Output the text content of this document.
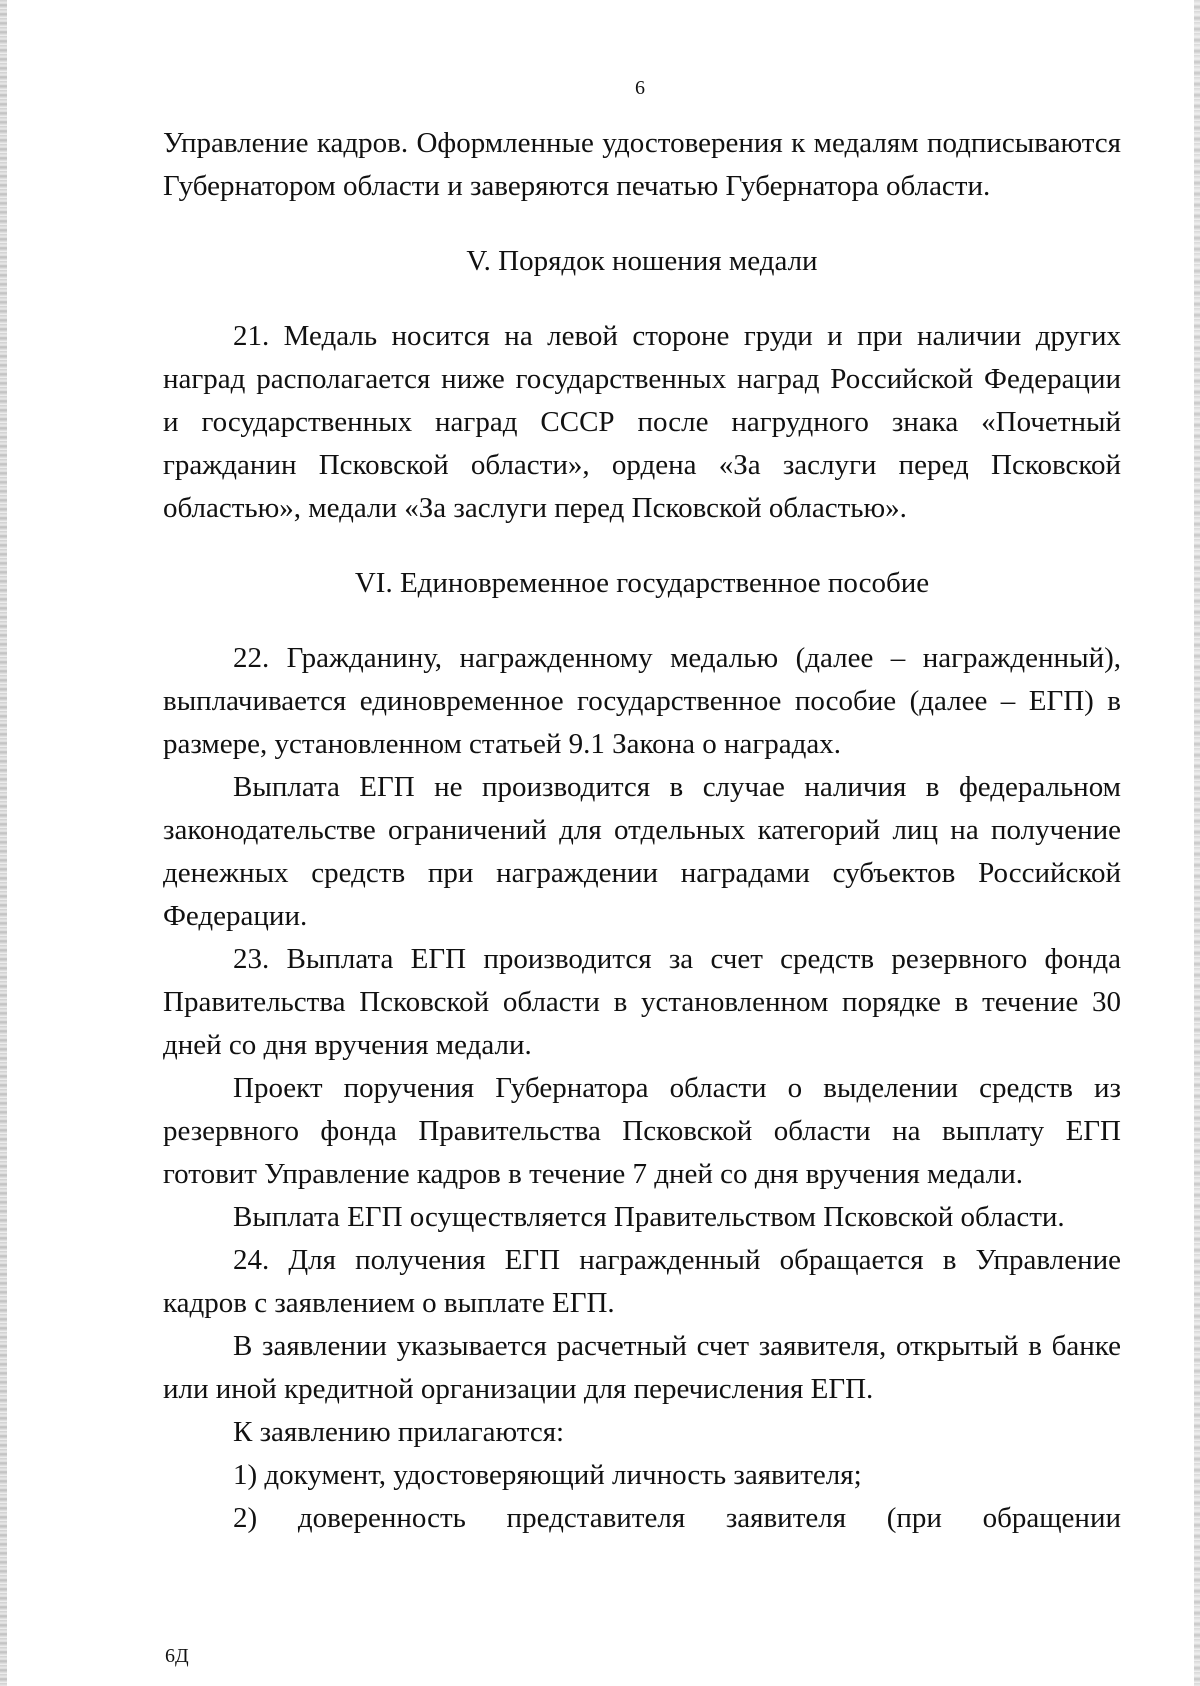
6

Управление кадров. Оформленные удостоверения к медалям подписываются Губернатором области и заверяются печатью Губернатора области.

V. Порядок ношения медали

21. Медаль носится на левой стороне груди и при наличии других наград располагается ниже государственных наград Российской Федерации и государственных наград СССР после нагрудного знака «Почетный гражданин Псковской области», ордена «За заслуги перед Псковской областью», медали «За заслуги перед Псковской областью».

VI. Единовременное государственное пособие

22. Гражданину, награжденному медалью (далее – награжденный), выплачивается единовременное государственное пособие (далее – ЕГП) в размере, установленном статьей 9.1 Закона о наградах.

Выплата ЕГП не производится в случае наличия в федеральном законодательстве ограничений для отдельных категорий лиц на получение денежных средств при награждении наградами субъектов Российской Федерации.

23. Выплата ЕГП производится за счет средств резервного фонда Правительства Псковской области в установленном порядке в течение 30 дней со дня вручения медали.

Проект поручения Губернатора области о выделении средств из резервного фонда Правительства Псковской области на выплату ЕГП готовит Управление кадров в течение 7 дней со дня вручения медали.

Выплата ЕГП осуществляется Правительством Псковской области.

24. Для получения ЕГП награжденный обращается в Управление кадров с заявлением о выплате ЕГП.

В заявлении указывается расчетный счет заявителя, открытый в банке или иной кредитной организации для перечисления ЕГП.

К заявлению прилагаются:

1) документ, удостоверяющий личность заявителя;

2) доверенность представителя заявителя (при обращении

6Д
